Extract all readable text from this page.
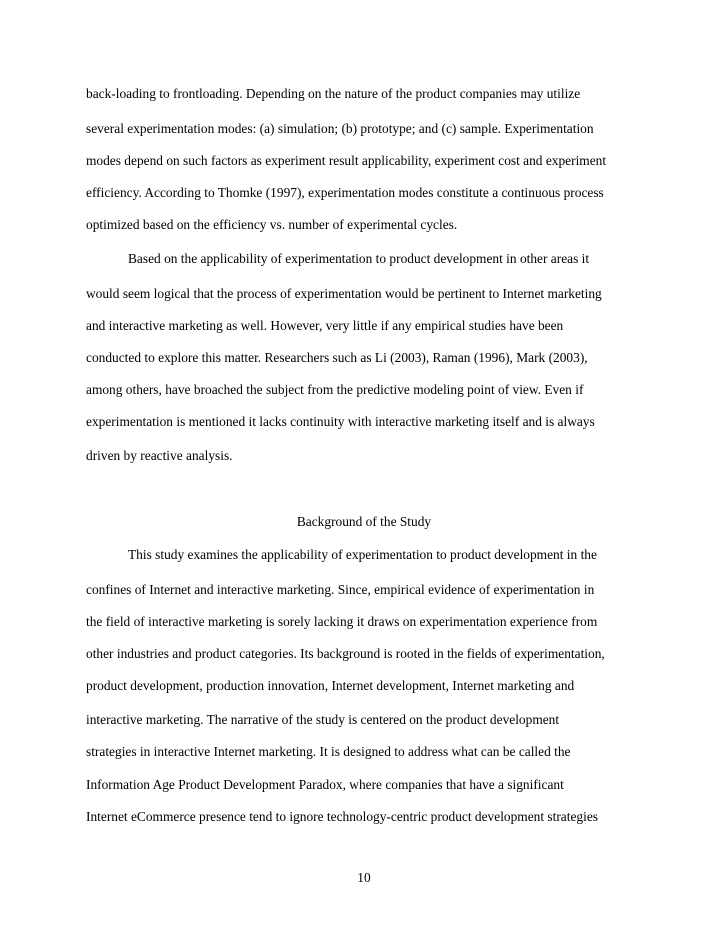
back-loading to frontloading. Depending on the nature of the product companies may utilize

several experimentation modes: (a) simulation; (b) prototype; and (c) sample. Experimentation

modes depend on such factors as experiment result applicability, experiment cost and experiment

efficiency. According to Thomke (1997), experimentation modes constitute a continuous process

optimized based on the efficiency vs. number of experimental cycles.

Based on the applicability of experimentation to product development in other areas it

would seem logical that the process of experimentation would be pertinent to Internet marketing

and interactive marketing as well. However, very little if any empirical studies have been

conducted to explore this matter. Researchers such as Li (2003), Raman (1996), Mark (2003),

among others, have broached the subject from the predictive modeling point of view. Even if

experimentation is mentioned it lacks continuity with interactive marketing itself and is always

driven by reactive analysis.

Background of the Study

This study examines the applicability of experimentation to product development in the

confines of Internet and interactive marketing. Since, empirical evidence of experimentation in

the field of interactive marketing is sorely lacking it draws on experimentation experience from

other industries and product categories. Its background is rooted in the fields of experimentation,

product development, production innovation, Internet development, Internet marketing and

interactive marketing. The narrative of the study is centered on the product development

strategies in interactive Internet marketing. It is designed to address what can be called the

Information Age Product Development Paradox, where companies that have a significant

Internet eCommerce presence tend to ignore technology-centric product development strategies

10
